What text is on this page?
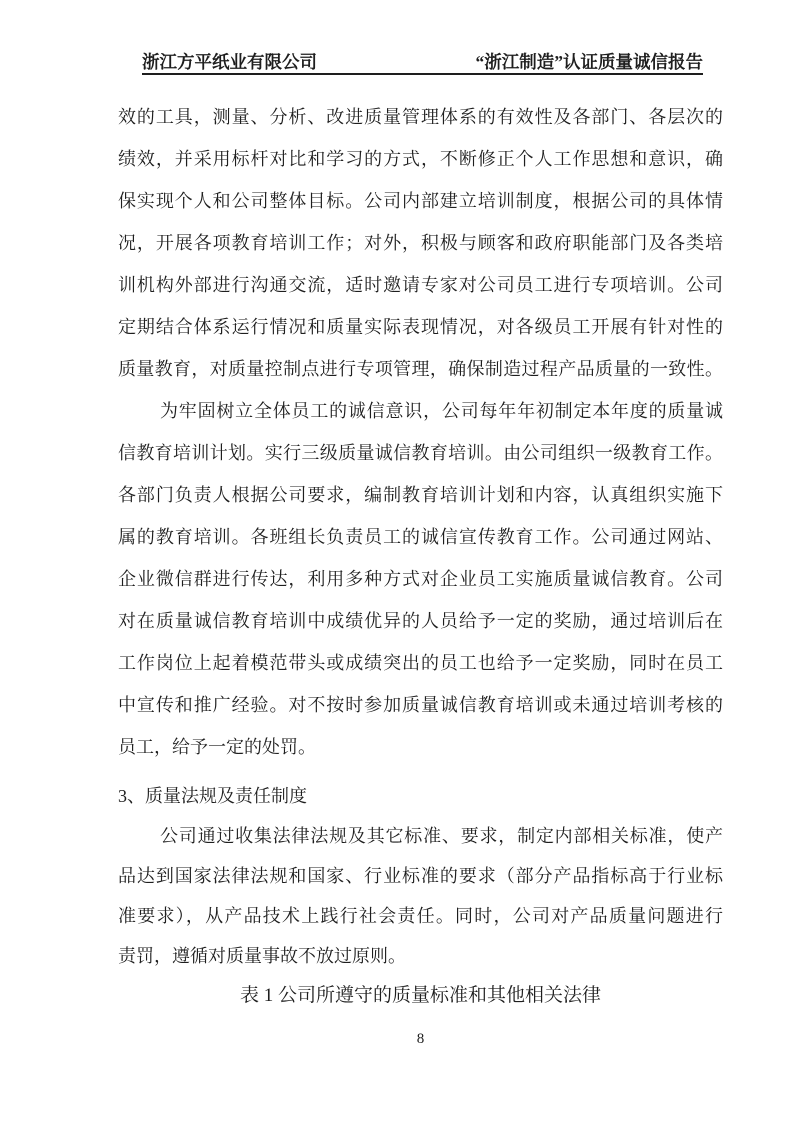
浙江方平纸业有限公司	“浙江制造”认证质量诚信报告
效的工具，测量、分析、改进质量管理体系的有效性及各部门、各层次的
绩效，并采用标杆对比和学习的方式，不断修正个人工作思想和意识，确
保实现个人和公司整体目标。公司内部建立培训制度，根据公司的具体情
况，开展各项教育培训工作；对外，积极与顾客和政府职能部门及各类培
训机构外部进行沟通交流，适时邀请专家对公司员工进行专项培训。公司
定期结合体系运行情况和质量实际表现情况，对各级员工开展有针对性的
质量教育，对质量控制点进行专项管理，确保制造过程产品质量的一致性。
为牢固树立全体员工的诚信意识，公司每年年初制定本年度的质量诚
信教育培训计划。实行三级质量诚信教育培训。由公司组织一级教育工作。
各部门负责人根据公司要求，编制教育培训计划和内容，认真组织实施下
属的教育培训。各班组长负责员工的诚信宣传教育工作。公司通过网站、
企业微信群进行传达，利用多种方式对企业员工实施质量诚信教育。公司
对在质量诚信教育培训中成绩优异的人员给予一定的奖励，通过培训后在
工作岗位上起着模范带头或成绩突出的员工也给予一定奖励，同时在员工
中宣传和推广经验。对不按时参加质量诚信教育培训或未通过培训考核的
员工，给予一定的处罚。
3、质量法规及责任制度
公司通过收集法律法规及其它标准、要求，制定内部相关标准，使产
品达到国家法律法规和国家、行业标准的要求（部分产品指标高于行业标
准要求），从产品技术上践行社会责任。同时，公司对产品质量问题进行
责罚，遵循对质量事故不放过原则。
表 1 公司所遵守的质量标准和其他相关法律
8
